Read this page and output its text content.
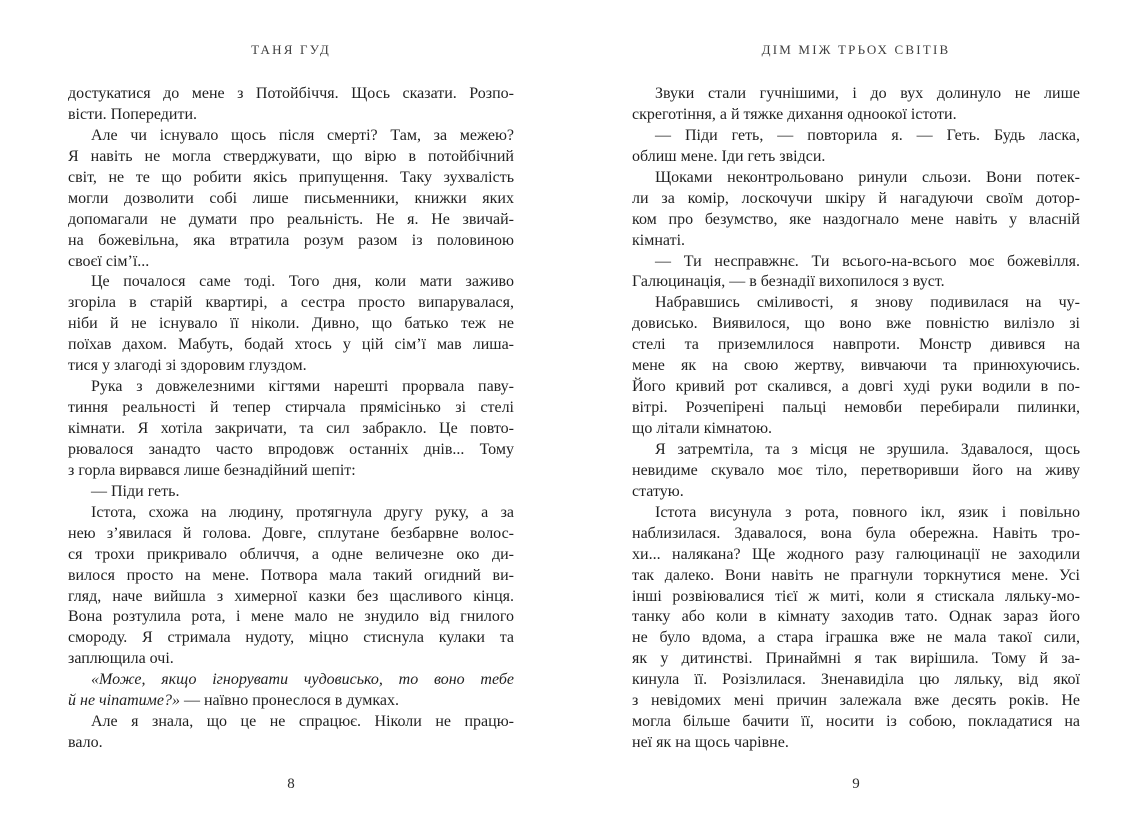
ТАНЯ ГУД	ДІМ МІЖ ТРЬОХ СВІТІВ
достукатися до мене з Потойбіччя. Щось сказати. Розпо-
вісти. Попередити.
Але чи існувало щось після смерті? Там, за межею?
Я навіть не могла стверджувати, що вірю в потойбічний
світ, не те що робити якісь припущення. Таку зухвалість
могли дозволити собі лише письменники, книжки яких
допомагали не думати про реальність. Не я. Не звичай-
на божевільна, яка втратила розум разом із половиною
своєї сім’ї...
Це почалося саме тоді. Того дня, коли мати заживо
згоріла в старій квартирі, а сестра просто випарувалася,
ніби й не існувало її ніколи. Дивно, що батько теж не
поїхав дахом. Мабуть, бодай хтось у цій сім’ї мав лиша-
тися у злагоді зі здоровим глуздом.
Рука з довжелезними кігтями нарешті прорвала паву-
тиння реальності й тепер стирчала прямісінько зі стелі
кімнати. Я хотіла закричати, та сил забракло. Це повто-
рювалося занадто часто впродовж останніх днів... Тому
з горла вирвався лише безнадійний шепіт:
— Піди геть.
Істота, схожа на людину, протягнула другу руку, а за
нею з’явилася й голова. Довге, сплутане безбарвне волос-
ся трохи прикривало обличчя, а одне величезне око ди-
вилося просто на мене. Потвора мала такий огидний ви-
гляд, наче вийшла з химерної казки без щасливого кінця.
Вона розтулила рота, і мене мало не знудило від гнилого
смороду. Я стримала нудоту, міцно стиснула кулаки та
заплющила очі.
«Може, якщо ігнорувати чудовисько, то воно тебе
й не чіпатиме?» — наївно пронеслося в думках.
Але я знала, що це не спрацює. Ніколи не працю-
вало.
Звуки стали гучнішими, і до вух долинуло не лише
скреготіння, а й тяжке дихання одноокої істоти.
— Піди геть, — повторила я. — Геть. Будь ласка,
облиш мене. Іди геть звідси.
Щоками неконтрольовано ринули сльози. Вони потек-
ли за комір, лоскочучи шкіру й нагадуючи своїм дотор-
ком про безумство, яке наздогнало мене навіть у власній
кімнаті.
— Ти несправжнє. Ти всього-на-всього моє божевілля.
Галюцинація, — в безнадії вихопилося з вуст.
Набравшись сміливості, я знову подивилася на чу-
довисько. Виявилося, що воно вже повністю вилізло зі
стелі та приземлилося навпроти. Монстр дивився на
мене як на свою жертву, вивчаючи та принюхуючись.
Його кривий рот скалився, а довгі худі руки водили в по-
вітрі. Розчепірені пальці немовби перебирали пилинки,
що літали кімнатою.
Я затремтіла, та з місця не зрушила. Здавалося, щось
невидиме скувало моє тіло, перетворивши його на живу
статую.
Істота висунула з рота, повного ікл, язик і повільно
наблизилася. Здавалося, вона була обережна. Навіть тро-
хи... налякана? Ще жодного разу галюцинації не заходили
так далеко. Вони навіть не прагнули торкнутися мене. Усі
інші розвіювалися тієї ж миті, коли я стискала ляльку-мо-
танку або коли в кімнату заходив тато. Однак зараз його
не було вдома, а стара іграшка вже не мала такої сили,
як у дитинстві. Принаймні я так вирішила. Тому й за-
кинула її. Розізлилася. Зненавиділа цю ляльку, від якої
з невідомих мені причин залежала вже десять років. Не
могла більше бачити її, носити із собою, покладатися на
неї як на щось чарівне.
8	9
